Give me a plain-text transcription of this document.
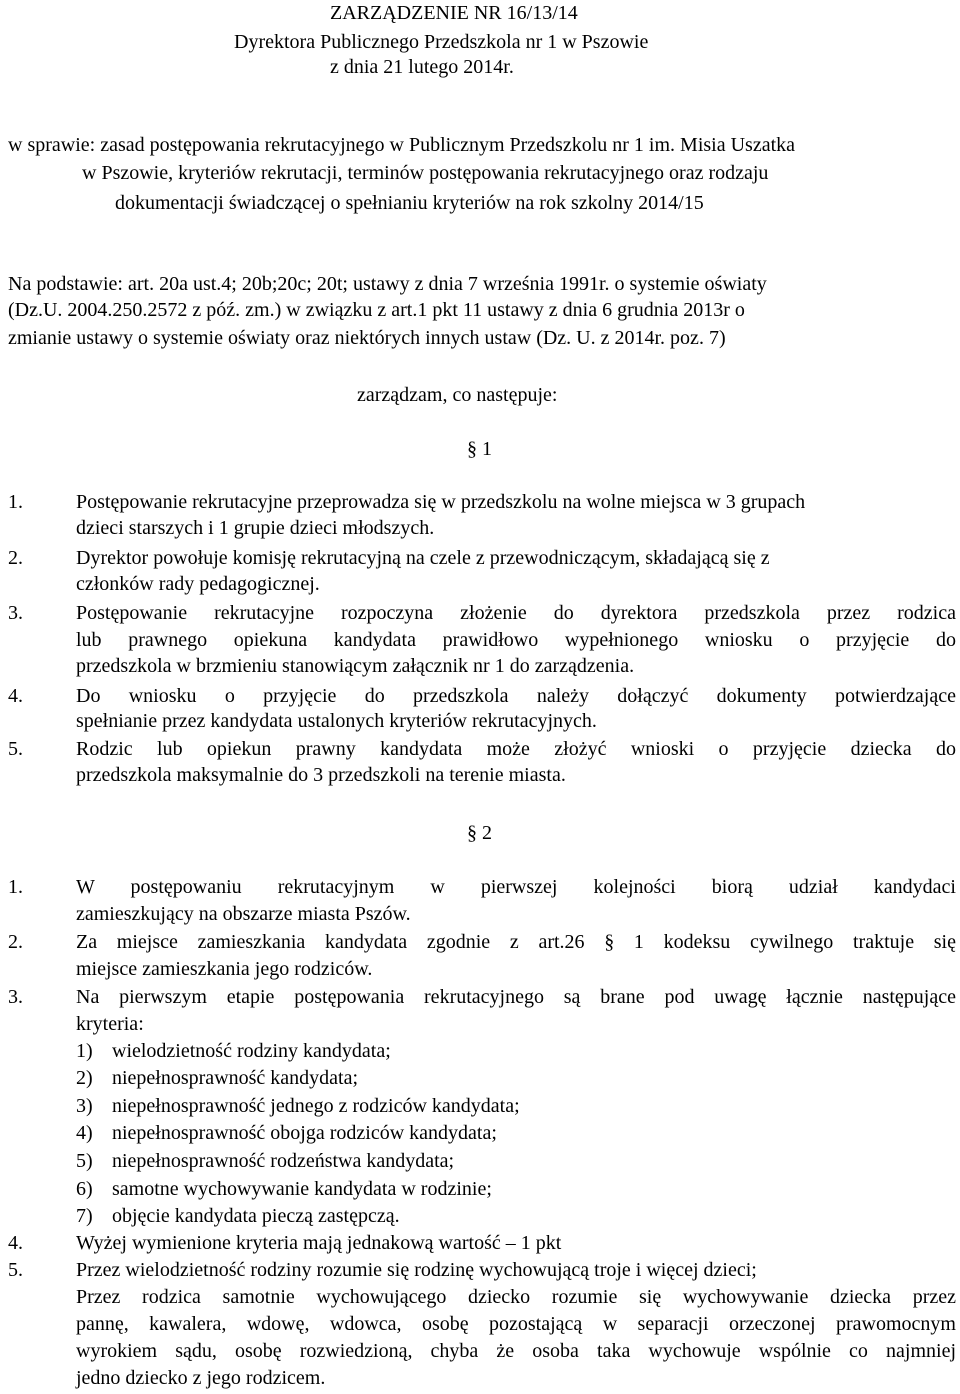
ZARZĄDZENIE NR 16/13/14
Dyrektora Publicznego Przedszkola nr 1 w Pszowie
z dnia 21 lutego 2014r.
w sprawie: zasad postępowania rekrutacyjnego w Publicznym Przedszkolu nr 1 im. Misia Uszatka
w Pszowie, kryteriów rekrutacji, terminów postępowania rekrutacyjnego oraz rodzaju
dokumentacji świadczącej o spełnianiu kryteriów na rok szkolny 2014/15
Na podstawie: art. 20a ust.4; 20b;20c; 20t; ustawy z dnia 7 września 1991r. o systemie oświaty
(Dz.U. 2004.250.2572 z póź. zm.) w związku z art.1 pkt 11 ustawy z dnia 6 grudnia 2013r o
zmianie ustawy o systemie oświaty oraz niektórych innych ustaw (Dz. U. z 2014r. poz. 7)
zarządzam, co następuje:
§ 1
1.	Postępowanie rekrutacyjne przeprowadza się w przedszkolu na wolne miejsca w 3 grupach
dzieci starszych i 1 grupie dzieci młodszych.
2.	Dyrektor powołuje komisję rekrutacyjną na czele z przewodniczącym, składającą się z
członków rady pedagogicznej.
3.	Postępowanie rekrutacyjne rozpoczyna złożenie do dyrektora przedszkola przez rodzica
lub prawnego opiekuna kandydata prawidłowo wypełnionego wniosku o przyjęcie do
przedszkola w brzmieniu stanowiącym załącznik nr 1 do zarządzenia.
4.	Do wniosku o przyjęcie do przedszkola należy dołączyć dokumenty potwierdzające
spełnianie przez kandydata ustalonych kryteriów rekrutacyjnych.
5.	Rodzic lub opiekun prawny kandydata może złożyć wnioski o przyjęcie dziecka do
przedszkola maksymalnie do 3 przedszkoli na terenie miasta.
§ 2
1.	W postępowaniu rekrutacyjnym w pierwszej kolejności biorą udział kandydaci
zamieszkujący na obszarze miasta Pszów.
2.	Za miejsce zamieszkania kandydata zgodnie z art.26 § 1 kodeksu cywilnego traktuje się
miejsce zamieszkania jego rodziców.
3.	Na pierwszym etapie postępowania rekrutacyjnego są brane pod uwagę łącznie następujące
kryteria:
1) wielodzietność rodziny kandydata;
2) niepełnosprawność kandydata;
3) niepełnosprawność jednego z rodziców kandydata;
4) niepełnosprawność obojga rodziców kandydata;
5) niepełnosprawność rodzeństwa kandydata;
6) samotne wychowywanie kandydata w rodzinie;
7) objęcie kandydata pieczą zastępczą.
4.	Wyżej wymienione kryteria mają jednakową wartość – 1 pkt
5.	Przez wielodzietność rodziny rozumie się rodzinę wychowującą troje i więcej dzieci;
Przez rodzica samotnie wychowującego dziecko rozumie się wychowywanie dziecka przez
pannę, kawalera, wdowę, wdowca, osobę pozostającą w separacji orzeczonej prawomocnym
wyrokiem sądu, osobę rozwiedzioną, chyba że osoba taka wychowuje wspólnie co najmniej
jedno dziecko z jego rodzicem.
